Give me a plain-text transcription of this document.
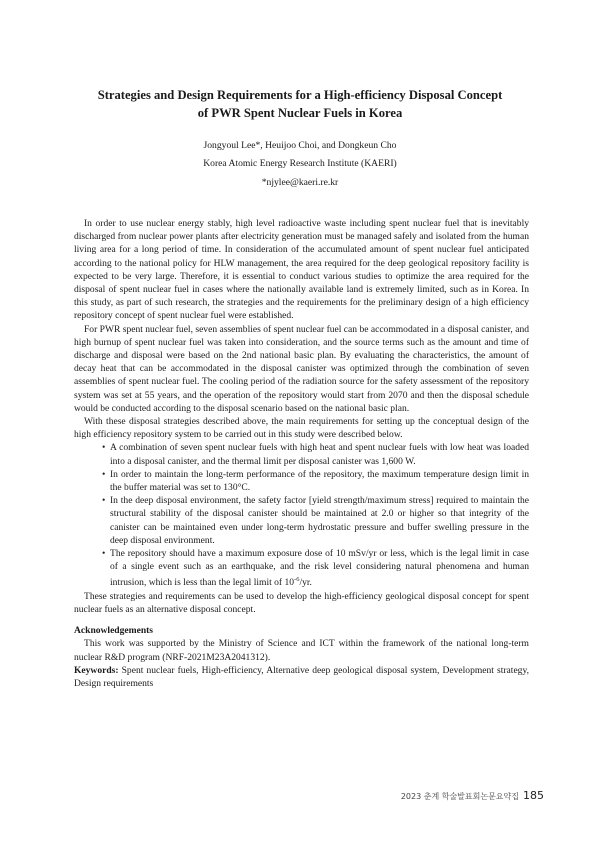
Strategies and Design Requirements for a High-efficiency Disposal Concept
of PWR Spent Nuclear Fuels in Korea
Jongyoul Lee*, Heuijoo Choi, and Dongkeun Cho
Korea Atomic Energy Research Institute (KAERI)
*njylee@kaeri.re.kr

In order to use nuclear energy stably, high level radioactive waste including spent nuclear fuel that is inevitably discharged from nuclear power plants after electricity generation must be managed safely and isolated from the human living area for a long period of time. In consideration of the accumulated amount of spent nuclear fuel anticipated according to the national policy for HLW management, the area required for the deep geological repository facility is expected to be very large. Therefore, it is essential to conduct various studies to optimize the area required for the disposal of spent nuclear fuel in cases where the nationally available land is extremely limited, such as in Korea. In this study, as part of such research, the strategies and the requirements for the preliminary design of a high efficiency repository concept of spent nuclear fuel were established.

For PWR spent nuclear fuel, seven assemblies of spent nuclear fuel can be accommodated in a disposal canister, and high burnup of spent nuclear fuel was taken into consideration, and the source terms such as the amount and time of discharge and disposal were based on the 2nd national basic plan. By evaluating the characteristics, the amount of decay heat that can be accommodated in the disposal canister was optimized through the combination of seven assemblies of spent nuclear fuel. The cooling period of the radiation source for the safety assessment of the repository system was set at 55 years, and the operation of the repository would start from 2070 and then the disposal schedule would be conducted according to the disposal scenario based on the national basic plan.

With these disposal strategies described above, the main requirements for setting up the conceptual design of the high efficiency repository system to be carried out in this study were described below.

• A combination of seven spent nuclear fuels with high heat and spent nuclear fuels with low heat was loaded into a disposal canister, and the thermal limit per disposal canister was 1,600 W.
• In order to maintain the long-term performance of the repository, the maximum temperature design limit in the buffer material was set to 130°C.
• In the deep disposal environment, the safety factor [yield strength/maximum stress] required to maintain the structural stability of the disposal canister should be maintained at 2.0 or higher so that integrity of the canister can be maintained even under long-term hydrostatic pressure and buffer swelling pressure in the deep disposal environment.
• The repository should have a maximum exposure dose of 10 mSv/yr or less, which is the legal limit in case of a single event such as an earthquake, and the risk level considering natural phenomena and human intrusion, which is less than the legal limit of $10^{-6}/yr$.

These strategies and requirements can be used to develop the high-efficiency geological disposal concept for spent nuclear fuels as an alternative disposal concept.

Acknowledgements

This work was supported by the Ministry of Science and ICT within the framework of the national long-term nuclear R&D program (NRF-2021M23A2041312).

Keywords: Spent nuclear fuels, High-efficiency, Alternative deep geological disposal system, Development strategy, Design requirements

2023 춘계 학술발표회논문요약집 185
